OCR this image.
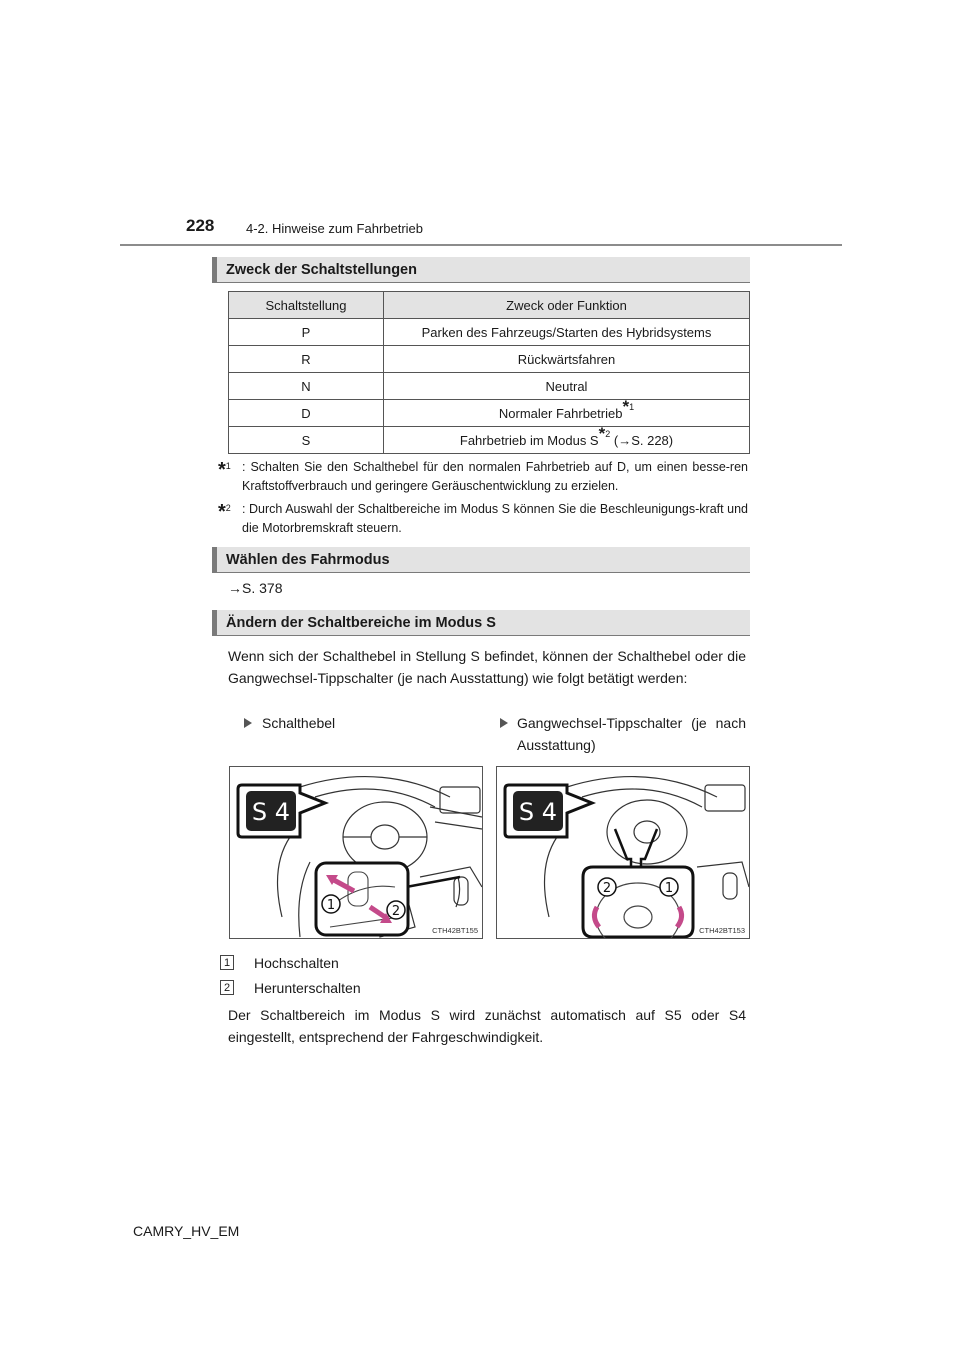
228 4-2. Hinweise zum Fahrbetrieb
Zweck der Schaltstellungen
Schaltstellung	Zweck oder Funktion
P	Parken des Fahrzeugs/Starten des Hybridsystems
R	Rückwärtsfahren
N	Neutral
D	Normaler Fahrbetrieb$^{*1}$
S	Fahrbetrieb im Modus $S^{*2}$ (→S. 228)
*$^1$ : Schalten Sie den Schalthebel für den normalen Fahrbetrieb auf D, um einen besse-ren Kraftstoffverbrauch und geringere Geräuschentwicklung zu erzielen.
*$^2$ : Durch Auswahl der Schaltbereiche im Modus S können Sie die Beschleunigungs-kraft und die Motorbremskraft steuern.
Wählen des Fahrmodus
→S. 378
Ändern der Schaltbereiche im Modus S
Wenn sich der Schalthebel in Stellung S befindet, können der Schalthebel oder die Gangwechsel-Tippschalter (je nach Ausstattung) wie folgt betätigt werden:
Schalthebel	Gangwechsel-Tippschalter (je nach Ausstattung)
S 4
1	2
CTH42BT155
S 4
2	1
CTH42BT153
1 Hochschalten
2 Herunterschalten
Der Schaltbereich im Modus S wird zunächst automatisch auf S5 oder S4 eingestellt, entsprechend der Fahrgeschwindigkeit.
CAMRY_HV_EM
